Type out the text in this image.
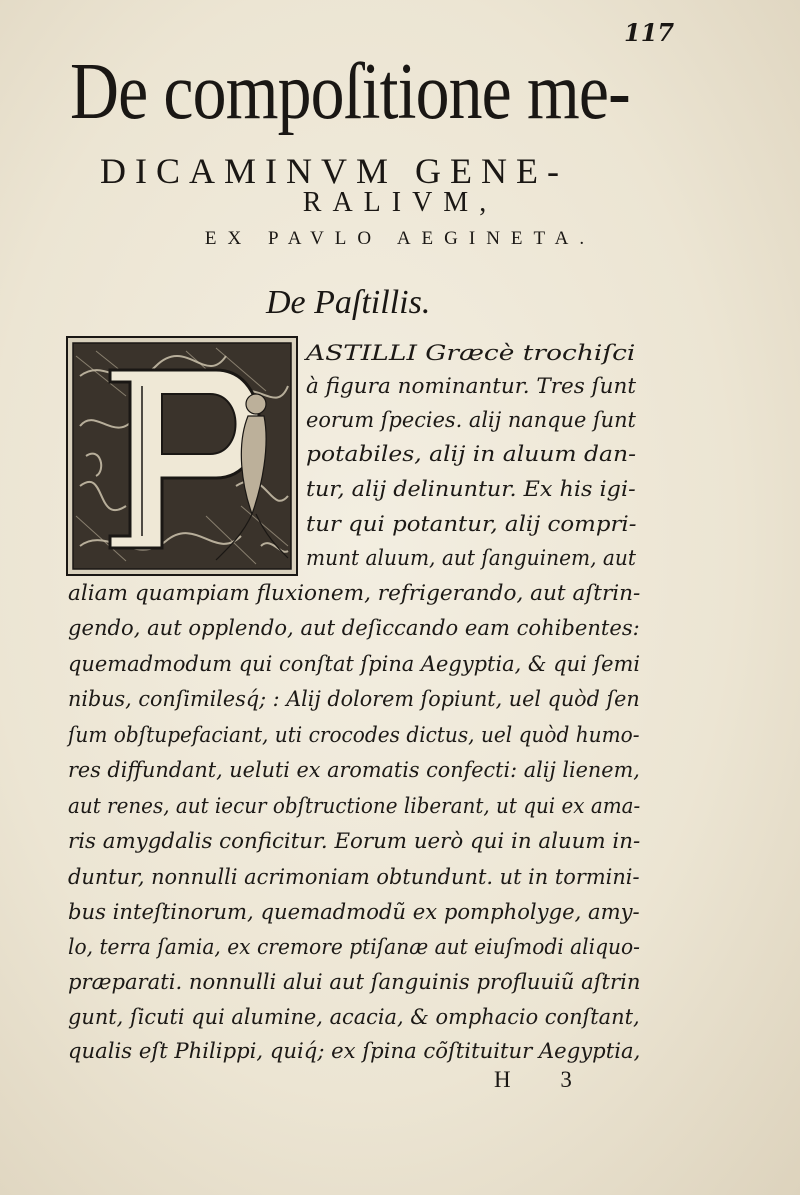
117
De compoſitione me-
DICAMINVM GENE-
RALIVM,
EX PAVLO AEGINETA.
De Paſtillis.
ASTILLI Græcè trochiſci
à figura nominantur. Tres ſunt
eorum ſpecies. alij nanque ſunt
potabiles, alij in aluum dan-
tur, alij delinuntur. Ex his igi-
tur qui potantur, alij compri-
munt aluum, aut ſanguinem, aut
aliam quampiam fluxionem, refrigerando, aut aſtrin-
gendo, aut opplendo, aut deſiccando eam cohibentes:
quemadmodum qui conſtat ſpina Aegyptia, & qui ſemi
nibus, conſimilesq́; : Alij dolorem ſopiunt, uel quòd ſen
ſum obſtupefaciant, uti crocodes dictus, uel quòd humo-
res diffundant, ueluti ex aromatis confecti: alij lienem,
aut renes, aut iecur obſtructione liberant, ut qui ex ama-
ris amygdalis conficitur. Eorum uerò qui in aluum in-
duntur, nonnulli acrimoniam obtundunt. ut in tormini-
bus inteſtinorum, quemadmodũ ex pompholyge, amy-
lo, terra ſamia, ex cremore ptiſanæ aut eiuſmodi aliquo-
præparati. nonnulli alui aut ſanguinis profluuiũ aſtrin
gunt, ſicuti qui alumine, acacia, & omphacio conſtant,
qualis eſt Philippi, quiq́; ex ſpina cõſtituitur Aegyptia,
H 3
